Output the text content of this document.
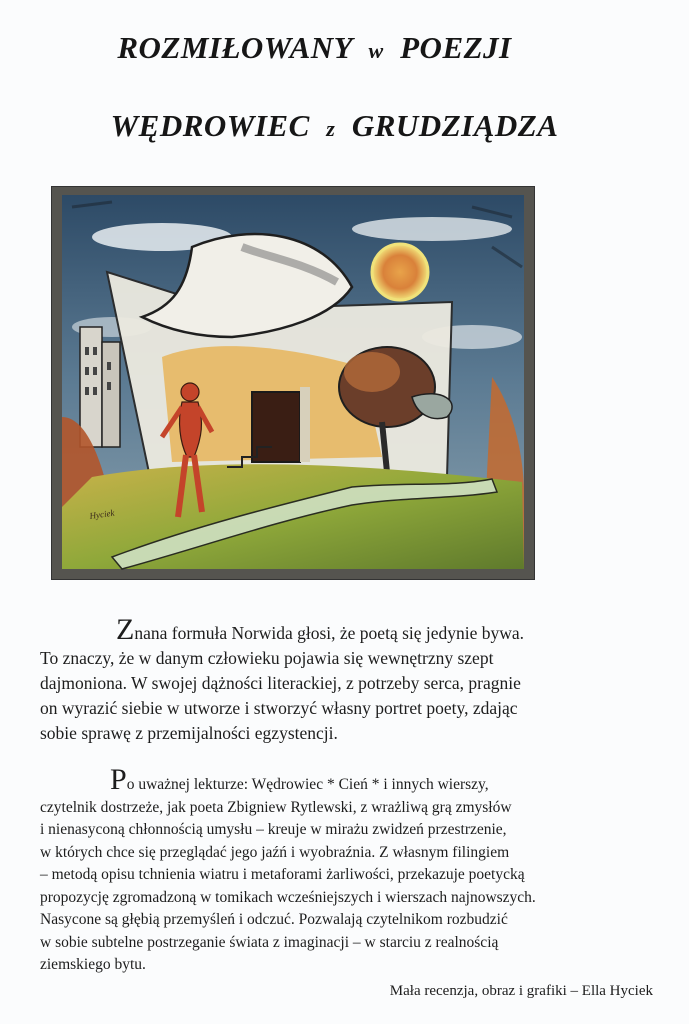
ROZMIŁOWANY w POEZJI
WĘDROWIEC z GRUDZIĄDZA
Hyciek
Znana formuła Norwida głosi, że poetą się jedynie bywa.
To znaczy, że w danym człowieku pojawia się wewnętrzny szept
dajmoniona. W swojej dążności literackiej, z potrzeby serca, pragnie
on wyrazić siebie w utworze i stworzyć własny portret poety, zdając
sobie sprawę z przemijalności egzystencji.
Po uważnej lekturze: Wędrowiec * Cień * i innych wierszy,
czytelnik dostrzeże, jak poeta Zbigniew Rytlewski, z wrażliwą grą zmysłów
i nienasyconą chłonnością umysłu – kreuje w mirażu zwidzeń przestrzenie,
w których chce się przeglądać jego jaźń i wyobraźnia. Z własnym filingiem
– metodą opisu tchnienia wiatru i metaforami żarliwości, przekazuje poetycką
propozycję zgromadzoną w tomikach wcześniejszych i wierszach najnowszych.
Nasycone są głębią przemyśleń i odczuć. Pozwalają czytelnikom rozbudzić
w sobie subtelne postrzeganie świata z imaginacji – w starciu z realnością
ziemskiego bytu.
Mała recenzja, obraz i grafiki – Ella Hyciek
